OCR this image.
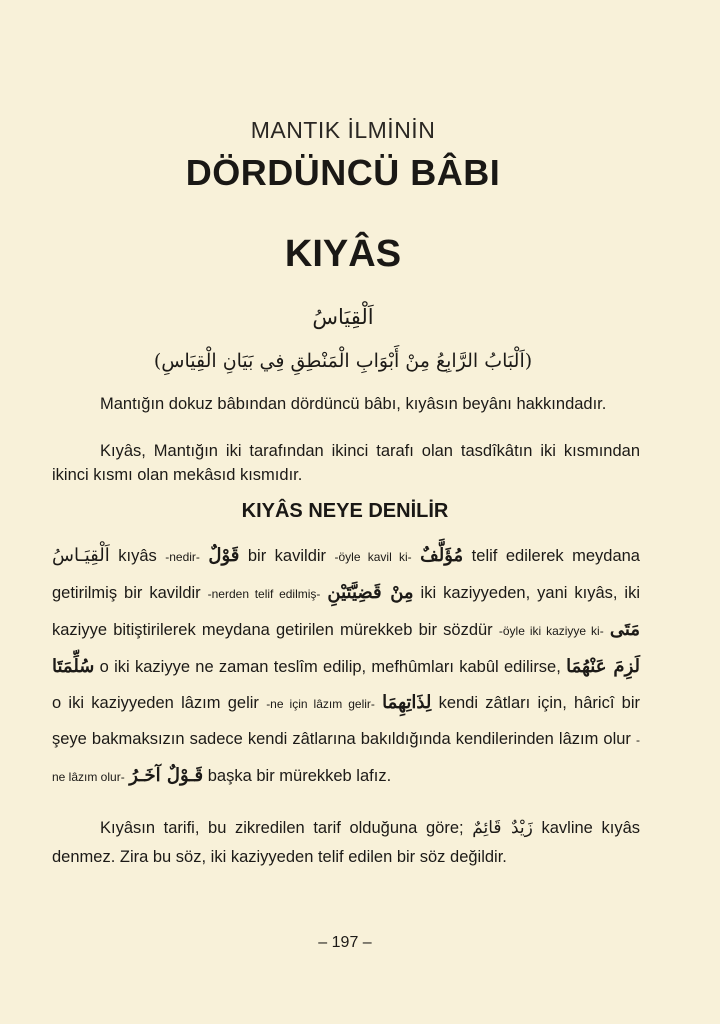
MANTIK İLMİNİN
DÖRDÜNCÜ BÂBI
KIYÂS
اَلْقِيَاسُ
(اَلْبَابُ الرَّابِعُ مِنْ أَبْوَابِ الْمَنْطِقِ فِي بَيَانِ الْقِيَاسِ)
Mantığın dokuz bâbından dördüncü bâbı, kıyâsın beyânı hakkındadır.
Kıyâs, Mantığın iki tarafından ikinci tarafı olan tasdîkâtın iki kısmından ikinci kısmı olan mekâsıd kısmıdır.
KIYÂS NEYE DENİLİR
اَلْقِيَـاسُ kıyâs -nedir- قَوْلٌ bir kavildir -öyle kavil ki- مُؤَلَّفٌ telif edilerek meydana getirilmiş bir kavildir -nerden telif edilmiş- مِنْ قَضِيَّتَيْنِ iki kaziyyeden, yani kıyâs, iki kaziyye bitiştirilerek meydana getirilen mürekkeb bir sözdür -öyle iki kaziyye ki- مَتَى سُلِّمَتَا o iki kaziyye ne zaman teslîm edilip, mefhûmları kabûl edilirse, لَزِمَ عَنْهُمَا o iki kaziyyeden lâzım gelir -ne için lâzım gelir- لِذَاتِهِمَا kendi zâtları için, hâricî bir şeye bakmaksızın sadece kendi zâtlarına bakıldığında kendilerinden lâzım olur -ne lâzım olur- قَـوْلٌ آخَـرُ başka bir mürekkeb lafız.
Kıyâsın tarifi, bu zikredilen tarif olduğuna göre; زَيْدٌ قَائِمٌ kavline kıyâs denmez. Zira bu söz, iki kaziyyeden telif edilen bir söz değildir.
– 197 –
